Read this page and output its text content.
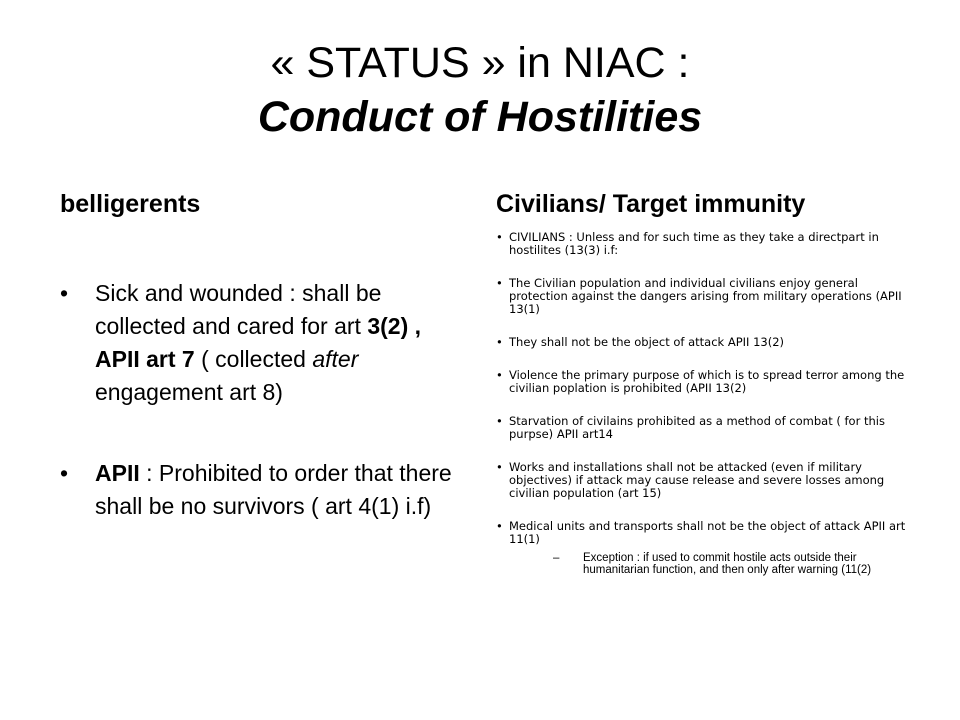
« STATUS » in NIAC :
Conduct of Hostilities
belligerents
• Sick and wounded : shall be collected and cared for art 3(2) , APII art 7 ( collected after engagement art 8)
• APII : Prohibited to order that there shall be no survivors ( art 4(1) i.f)
Civilians/ Target immunity
• CIVILIANS : Unless and for such time as they take a directpart in hostilites (13(3) i.f:
• The Civilian population and individual civilians enjoy general protection against the dangers arising from military operations (APII 13(1)
• They shall not be the object of attack APII 13(2)
• Violence the primary purpose of which is to spread terror among the civilian poplation is prohibited (APII 13(2)
• Starvation of civilains prohibited as a method of combat ( for this purpse) APII art14
• Works and installations shall not be attacked (even if military objectives) if attack may cause release and severe losses among civilian population (art 15)
• Medical units and transports shall not be the object of attack APII art 11(1)
– Exception : if used to commit hostile acts outside their humanitarian function, and then only after warning (11(2)
